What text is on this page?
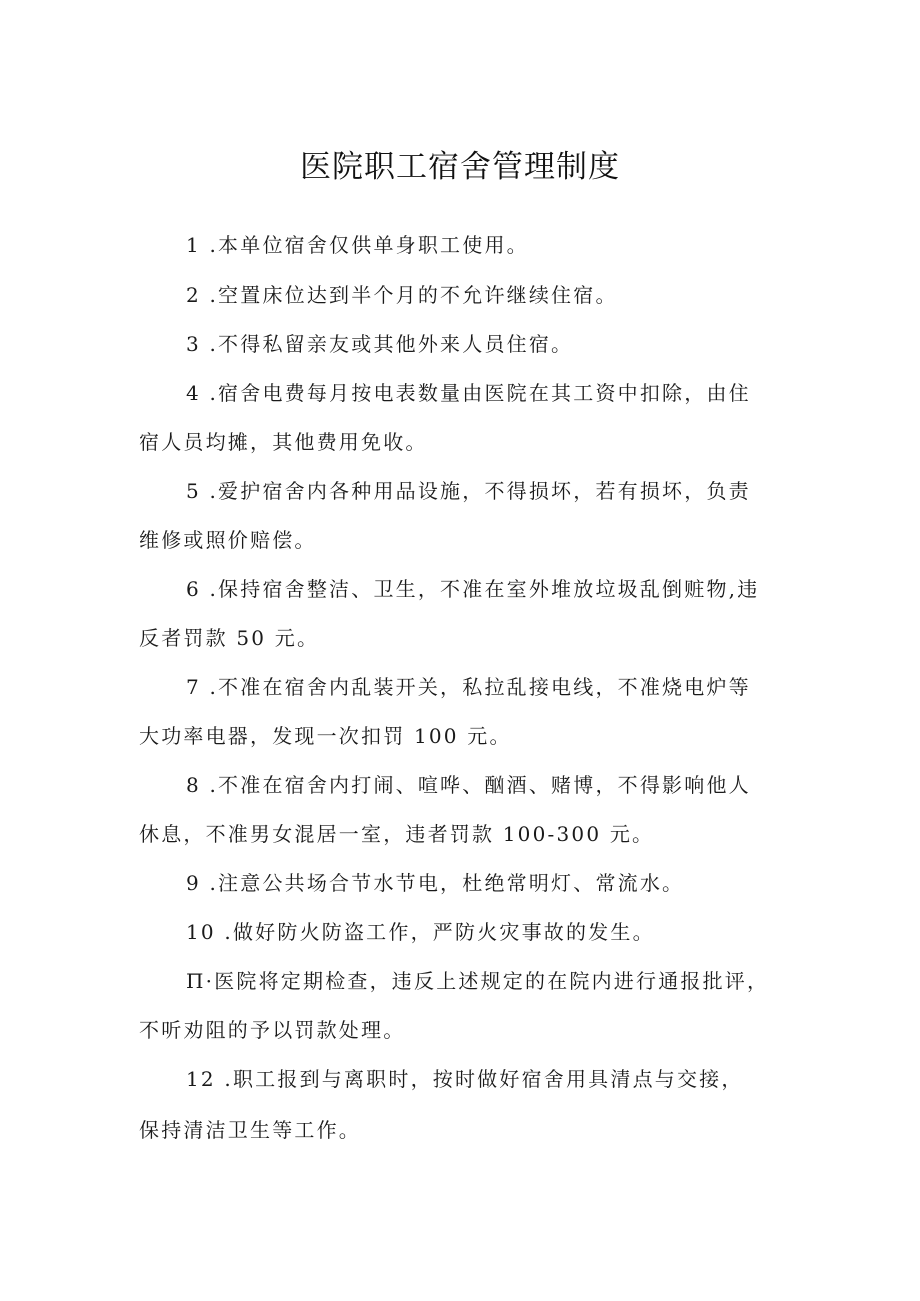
医院职工宿舍管理制度
1 .本单位宿舍仅供单身职工使用。
2 .空置床位达到半个月的不允许继续住宿。
3 .不得私留亲友或其他外来人员住宿。
4 .宿舍电费每月按电表数量由医院在其工资中扣除，由住
宿人员均摊，其他费用免收。
5 .爱护宿舍内各种用品设施，不得损坏，若有损坏，负责
维修或照价赔偿。
6 .保持宿舍整洁、卫生，不准在室外堆放垃圾乱倒赃物,违
反者罚款 50 元。
7 .不准在宿舍内乱装开关，私拉乱接电线，不准烧电炉等
大功率电器，发现一次扣罚 100 元。
8 .不准在宿舍内打闹、喧哗、酗酒、赌博，不得影响他人
休息，不准男女混居一室，违者罚款 100-300 元。
9 .注意公共场合节水节电，杜绝常明灯、常流水。
10 .做好防火防盗工作，严防火灾事故的发生。
Π·医院将定期检查，违反上述规定的在院内进行通报批评，
不听劝阻的予以罚款处理。
12 .职工报到与离职时，按时做好宿舍用具清点与交接，
保持清洁卫生等工作。
